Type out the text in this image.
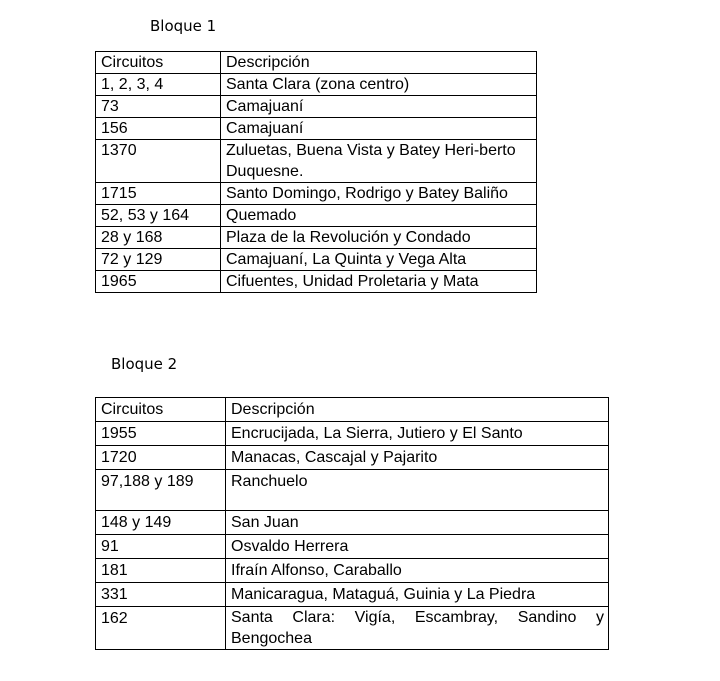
Bloque 1
Circuitos	Descripción
1, 2, 3, 4	Santa Clara (zona centro)
73	Camajuaní
156	Camajuaní
1370	Zuluetas, Buena Vista y Batey Heri-berto Duquesne.
1715	Santo Domingo, Rodrigo y Batey Baliño
52, 53 y 164	Quemado
28 y 168	Plaza de la Revolución y Condado
72 y 129	Camajuaní, La Quinta y Vega Alta
1965	Cifuentes, Unidad Proletaria y Mata
Bloque 2
Circuitos	Descripción
1955	Encrucijada, La Sierra, Jutiero y El Santo
1720	Manacas, Cascajal y Pajarito
97,188 y 189	Ranchuelo
148 y 149	San Juan
91	Osvaldo Herrera
181	Ifraín Alfonso, Caraballo
331	Manicaragua, Mataguá, Guinia y La Piedra
162	Santa Clara: Vigía, Escambray, Sandino y Bengochea
